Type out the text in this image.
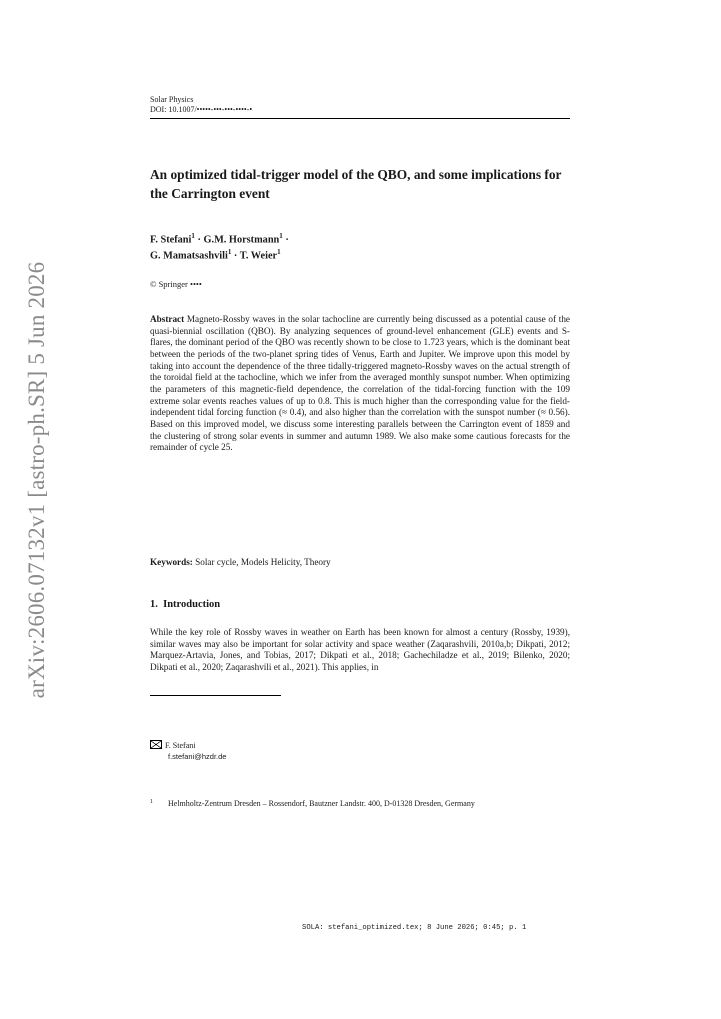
arXiv:2606.07132v1 [astro-ph.SR] 5 Jun 2026
Solar Physics
DOI: 10.1007/•••••-•••-•••-••••-•
An optimized tidal-trigger model of the QBO, and some implications for the Carrington event
F. Stefani$^1$ · G.M. Horstmann$^1$ ·
G. Mamatsashvili$^1$ · T. Weier$^1$
© Springer ••••
Abstract Magneto-Rossby waves in the solar tachocline are currently being discussed as a potential cause of the quasi-biennial oscillation (QBO). By analyzing sequences of ground-level enhancement (GLE) events and S-flares, the dominant period of the QBO was recently shown to be close to 1.723 years, which is the dominant beat between the periods of the two-planet spring tides of Venus, Earth and Jupiter. We improve upon this model by taking into account the dependence of the three tidally-triggered magneto-Rossby waves on the actual strength of the toroidal field at the tachocline, which we infer from the averaged monthly sunspot number. When optimizing the parameters of this magnetic-field dependence, the correlation of the tidal-forcing function with the 109 extreme solar events reaches values of up to 0.8. This is much higher than the corresponding value for the field-independent tidal forcing function (≈ 0.4), and also higher than the correlation with the sunspot number (≈ 0.56). Based on this improved model, we discuss some interesting parallels between the Carrington event of 1859 and the clustering of strong solar events in summer and autumn 1989. We also make some cautious forecasts for the remainder of cycle 25.
Keywords: Solar cycle, Models Helicity, Theory
1. Introduction
While the key role of Rossby waves in weather on Earth has been known for almost a century (Rossby, 1939), similar waves may also be important for solar activity and space weather (Zaqarashvili, 2010a,b; Dikpati, 2012; Marquez-Artavia, Jones, and Tobias, 2017; Dikpati et al., 2018; Gachechiladze et al., 2019; Bilenko, 2020; Dikpati et al., 2020; Zaqarashvili et al., 2021). This applies, in
F. Stefani
f.stefani@hzdr.de
1 Helmholtz-Zentrum Dresden – Rossendorf, Bautzner Landstr. 400, D-01328 Dresden, Germany
SOLA: stefani_optimized.tex; 8 June 2026; 0:45; p. 1
